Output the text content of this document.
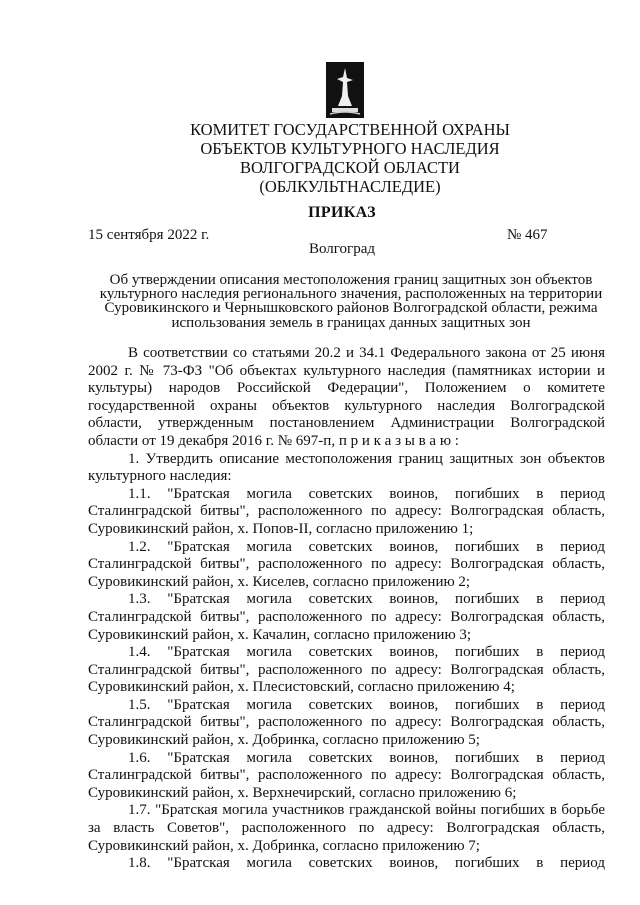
КОМИТЕТ ГОСУДАРСТВЕННОЙ ОХРАНЫ
ОБЪЕКТОВ КУЛЬТУРНОГО НАСЛЕДИЯ
ВОЛГОГРАДСКОЙ ОБЛАСТИ
(ОБЛКУЛЬТНАСЛЕДИЕ)
ПРИКАЗ
15 сентября 2022 г.	№ 467
Волгоград
Об утверждении описания местоположения границ защитных зон объектов
культурного наследия регионального значения, расположенных на территории
Суровикинского и Чернышковского районов Волгоградской области, режима
использования земель в границах данных защитных зон

В соответствии со статьями 20.2 и 34.1 Федерального закона от 25 июня 2002 г. № 73-ФЗ "Об объектах культурного наследия (памятниках истории и культуры) народов Российской Федерации", Положением о комитете государственной охраны объектов культурного наследия Волгоградской области, утвержденным постановлением Администрации Волгоградской области от 19 декабря 2016 г. № 697-п, п р и к а з ы в а ю :

1. Утвердить описание местоположения границ защитных зон объектов культурного наследия:

1.1. "Братская могила советских воинов, погибших в период Сталинградской битвы", расположенного по адресу: Волгоградская область, Суровикинский район, х. Попов-II, согласно приложению 1;

1.2. "Братская могила советских воинов, погибших в период Сталинградской битвы", расположенного по адресу: Волгоградская область, Суровикинский район, х. Киселев, согласно приложению 2;

1.3. "Братская могила советских воинов, погибших в период Сталинградской битвы", расположенного по адресу: Волгоградская область, Суровикинский район, х. Качалин, согласно приложению 3;

1.4. "Братская могила советских воинов, погибших в период Сталинградской битвы", расположенного по адресу: Волгоградская область, Суровикинский район, х. Плесистовский, согласно приложению 4;

1.5. "Братская могила советских воинов, погибших в период Сталинградской битвы", расположенного по адресу: Волгоградская область, Суровикинский район, х. Добринка, согласно приложению 5;

1.6. "Братская могила советских воинов, погибших в период Сталинградской битвы", расположенного по адресу: Волгоградская область, Суровикинский район, х. Верхнечирский, согласно приложению 6;

1.7. "Братская могила участников гражданской войны погибших в борьбе за власть Советов", расположенного по адресу: Волгоградская область, Суровикинский район, х. Добринка, согласно приложению 7;

1.8. "Братская могила советских воинов, погибших в период
